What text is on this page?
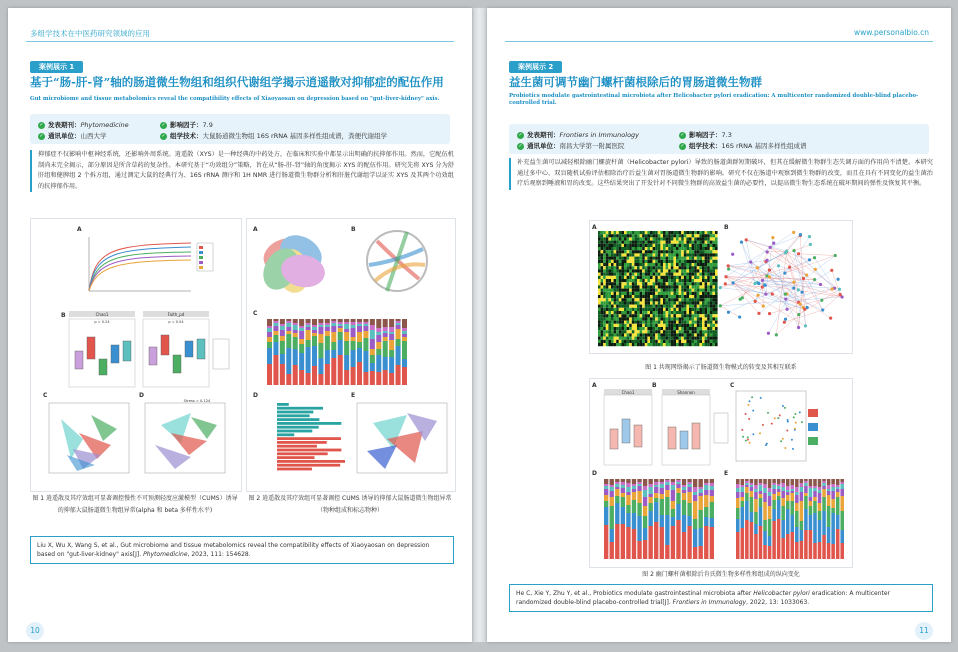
多组学技术在中医药研究领域的应用
案例展示 1
基于“肠-肝-肾”轴的肠道微生物组和组织代谢组学揭示逍遥散对抑郁症的配伍作用
Gut microbiome and tissue metabolomics reveal the compatibility effects of Xiaoyaosan on depression based on "gut-liver-kidney" axis.
✓ 发表期刊：Phytomedicine	✓ 影响因子：7.9
✓ 通讯单位：山西大学	✓ 组学技术：大鼠肠道微生物组 16S rRNA 基因多样性组成谱，粪便代谢组学
抑郁症不仅影响中枢神经系统，还影响外周系统。逍遥散（XYS）是一种经典的中药处方，在临床和实验中都显示出明确的抗抑郁作用。然而，它配伍机制尚未完全揭示，部分原因是所含草药的复杂性。本研究基于“功效组分”策略，旨在从“肠-肝-肾”轴的角度揭示 XYS 的配伍作用。研究先将 XYS 分为舒肝组和健脾组 2 个拆方组，通过测定大鼠的经典行为、16S rRNA 测序和 1H NMR 进行肠道微生物群分析和肝脏代谢组学以证实 XYS 及其两个功效组的抗抑郁作用。
A
B	Chao1	Faith_pd
p = 0.24	p = 0.04
C	D
Stress = 0.124
A	B
C
D	E
图 1 逍遥散及其疗效组可显著调控慢性不可预测轻度应激模型（CUMS）诱导的抑郁大鼠肠道微生物组异常(alpha 和 beta 多样性水平)
图 2 逍遥散及其疗效组可显著调控 CUMS 诱导的抑郁大鼠肠道微生物组异常（物种组成和标志物种）
Liu X, Wu X, Wang S, et al., Gut microbiome and tissue metabolomics reveal the compatibility effects of Xiaoyaosan on depression based on "gut-liver-kidney" axis[J]. Phytomedicine, 2023, 111: 154628.
10
www.personalbio.cn
案例展示 2
益生菌可调节幽门螺杆菌根除后的胃肠道微生物群
Probiotics modulate gastrointestinal microbiota after Helicobacter pylori eradication: A multicenter randomized double-blind placebo-controlled trial.
✓ 发表期刊：Frontiers in Immunology	✓ 影响因子：7.3
✓ 通讯单位：南昌大学第一附属医院	✓ 组学技术：16S rRNA 基因多样性组成谱
补充益生菌可以减轻根除幽门螺旋杆菌（Helicobacter pylori）导致的肠道菌群短期破坏，但其在缓解微生物群生态失调方面的作用尚不清楚。本研究通过多中心、双盲随机试验评估根除治疗后益生菌对胃肠道微生物群的影响。研究不仅在肠道中观察到微生物群的改变，而且在具有不同变化的益生菌治疗后观察到唾液和胃的改变。这些结果突出了开发针对不同微生物群的高效益生菌的必要性，以提高微生物生态系统在破坏期间的弹性及恢复其平衡。
A	B
图 1 共现网络揭示了肠道微生物模式的转变及其相互联系
A
Chao1
B
Shannon
C
D	E
图 2 幽门螺杆菌根除后肯氏微生物多样性和组成的纵向变化
He C, Xie Y, Zhu Y, et al., Probiotics modulate gastrointestinal microbiota after Helicobacter pylori eradication: A multicenter randomized double-blind placebo-controlled trial[J]. Frontiers in Immunology, 2022, 13: 1033063.
11
